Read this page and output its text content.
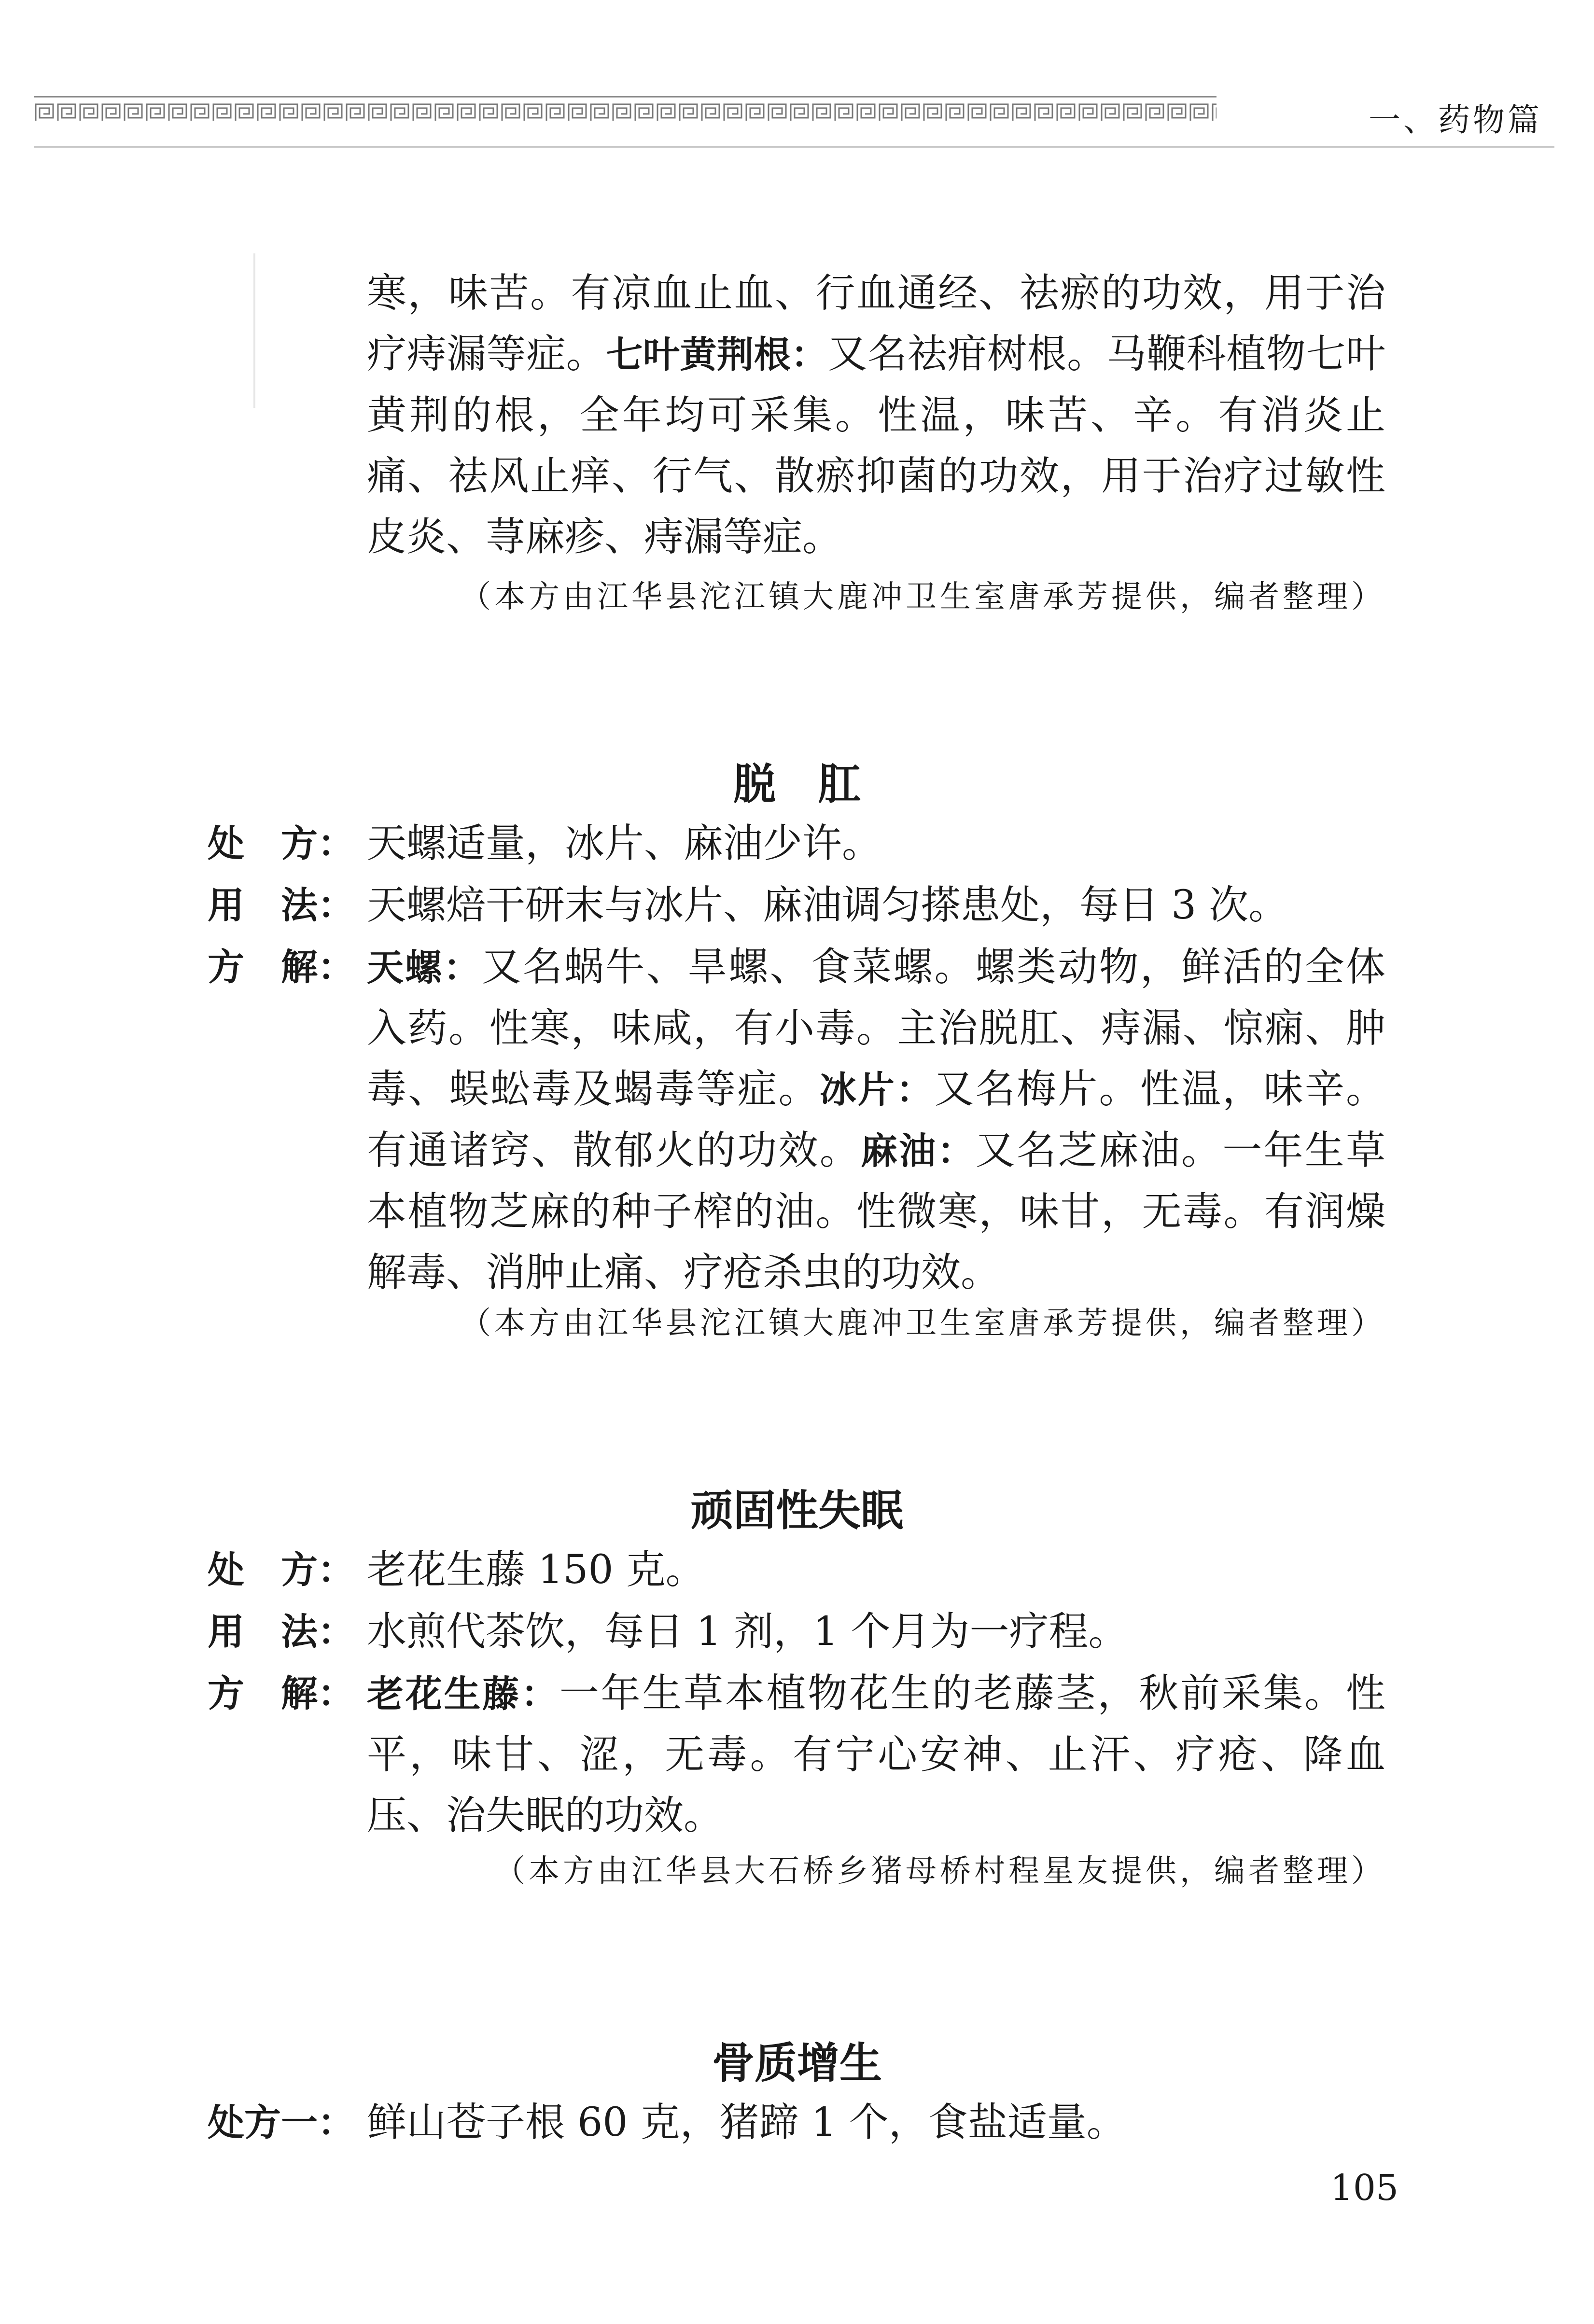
一、药物篇

寒，味苦。有凉血止血、行血通经、祛瘀的功效，用于治疗痔漏等症。七叶黄荆根：又名祛疳树根。马鞭科植物七叶黄荆的根，全年均可采集。性温，味苦、辛。有消炎止痛、祛风止痒、行气、散瘀抑菌的功效，用于治疗过敏性皮炎、荨麻疹、痔漏等症。

（本方由江华县沱江镇大鹿冲卫生室唐承芳提供，编者整理）
脱　肛
处　方： 天螺适量，冰片、麻油少许。

用　法： 天螺焙干研末与冰片、麻油调匀搽患处，每日 3 次。

方　解： 天螺：又名蜗牛、旱螺、食菜螺。螺类动物，鲜活的全体入药。性寒，味咸，有小毒。主治脱肛、痔漏、惊痫、肿毒、蜈蚣毒及蝎毒等症。冰片：又名梅片。性温，味辛。有通诸窍、散郁火的功效。麻油：又名芝麻油。一年生草本植物芝麻的种子榨的油。性微寒，味甘，无毒。有润燥解毒、消肿止痛、疗疮杀虫的功效。

（本方由江华县沱江镇大鹿冲卫生室唐承芳提供，编者整理）
顽固性失眠
处　方： 老花生藤 150 克。

用　法： 水煎代茶饮，每日 1 剂，1 个月为一疗程。

方　解： 老花生藤：一年生草本植物花生的老藤茎，秋前采集。性平，味甘、涩，无毒。有宁心安神、止汗、疗疮、降血压、治失眠的功效。

（本方由江华县大石桥乡猪母桥村程星友提供，编者整理）
骨质增生
处方一： 鲜山苍子根 60 克，猪蹄 1 个，食盐适量。

105
